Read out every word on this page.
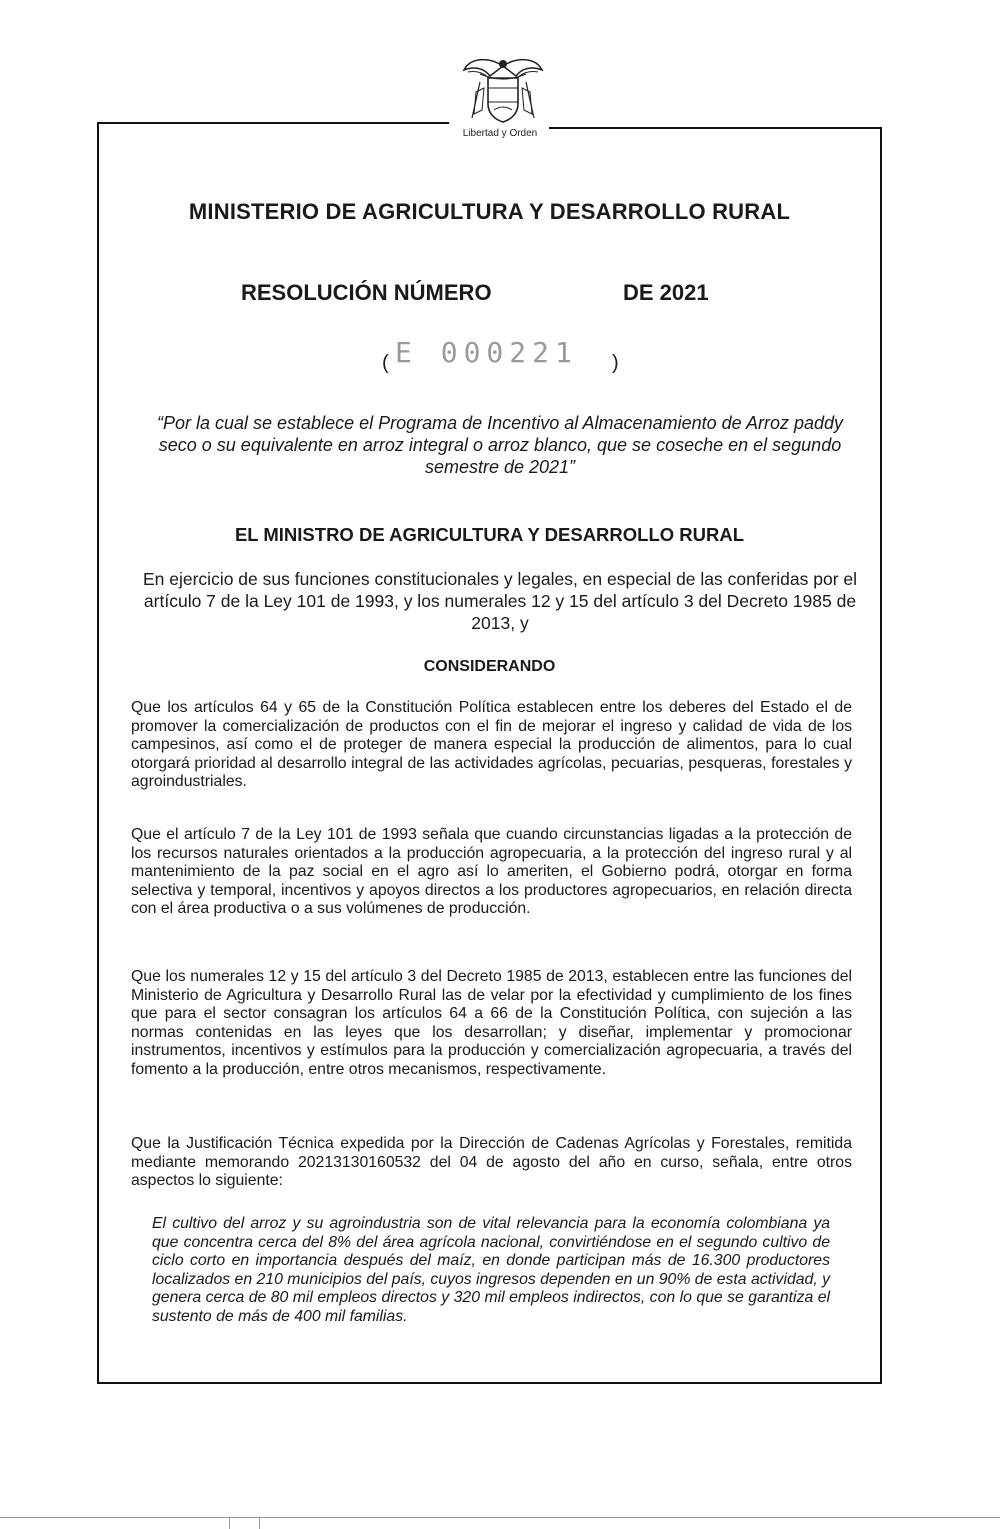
Libertad y Orden
MINISTERIO DE AGRICULTURA Y DESARROLLO RURAL
RESOLUCIÓN NÚMERO	DE 2021
( E 000221 )
“Por la cual se establece el Programa de Incentivo al Almacenamiento de Arroz paddy seco o su equivalente en arroz integral o arroz blanco, que se coseche en el segundo semestre de 2021”
EL MINISTRO DE AGRICULTURA Y DESARROLLO RURAL
En ejercicio de sus funciones constitucionales y legales, en especial de las conferidas por el artículo 7 de la Ley 101 de 1993, y los numerales 12 y 15 del artículo 3 del Decreto 1985 de 2013, y
CONSIDERANDO
Que los artículos 64 y 65 de la Constitución Política establecen entre los deberes del Estado el de promover la comercialización de productos con el fin de mejorar el ingreso y calidad de vida de los campesinos, así como el de proteger de manera especial la producción de alimentos, para lo cual otorgará prioridad al desarrollo integral de las actividades agrícolas, pecuarias, pesqueras, forestales y agroindustriales.
Que el artículo 7 de la Ley 101 de 1993 señala que cuando circunstancias ligadas a la protección de los recursos naturales orientados a la producción agropecuaria, a la protección del ingreso rural y al mantenimiento de la paz social en el agro así lo ameriten, el Gobierno podrá, otorgar en forma selectiva y temporal, incentivos y apoyos directos a los productores agropecuarios, en relación directa con el área productiva o a sus volúmenes de producción.
Que los numerales 12 y 15 del artículo 3 del Decreto 1985 de 2013, establecen entre las funciones del Ministerio de Agricultura y Desarrollo Rural las de velar por la efectividad y cumplimiento de los fines que para el sector consagran los artículos 64 a 66 de la Constitución Política, con sujeción a las normas contenidas en las leyes que los desarrollan; y diseñar, implementar y promocionar instrumentos, incentivos y estímulos para la producción y comercialización agropecuaria, a través del fomento a la producción, entre otros mecanismos, respectivamente.
Que la Justificación Técnica expedida por la Dirección de Cadenas Agrícolas y Forestales, remitida mediante memorando 20213130160532 del 04 de agosto del año en curso, señala, entre otros aspectos lo siguiente:
El cultivo del arroz y su agroindustria son de vital relevancia para la economía colombiana ya que concentra cerca del 8% del área agrícola nacional, convirtiéndose en el segundo cultivo de ciclo corto en importancia después del maíz, en donde participan más de 16.300 productores localizados en 210 municipios del país, cuyos ingresos dependen en un 90% de esta actividad, y genera cerca de 80 mil empleos directos y 320 mil empleos indirectos, con lo que se garantiza el sustento de más de 400 mil familias.
